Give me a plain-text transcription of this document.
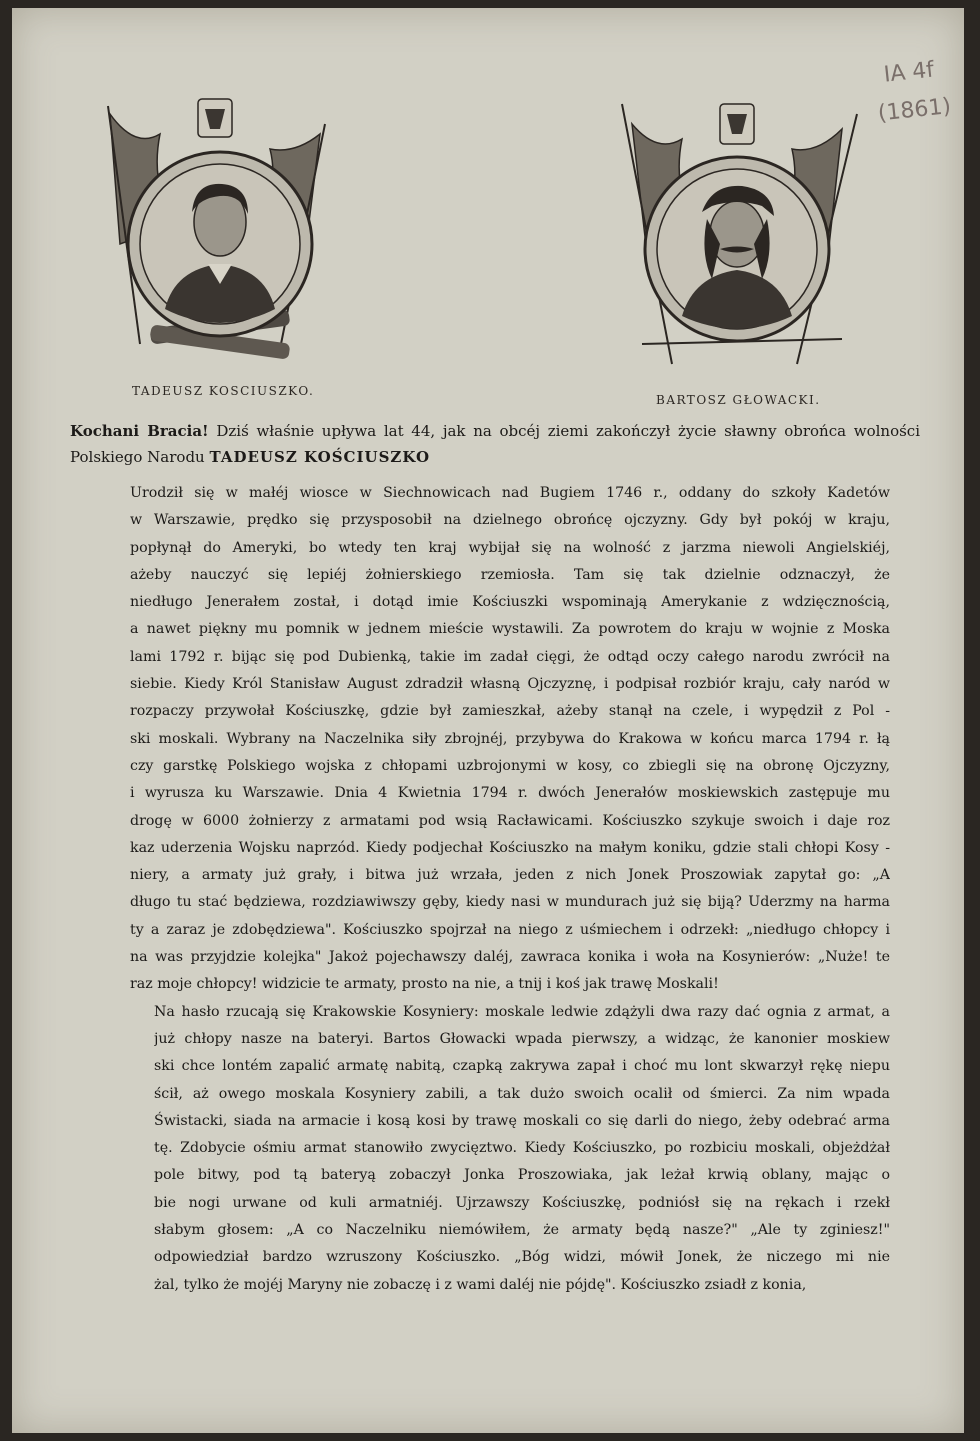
IA 4f
(1861)
TADEUSZ KOSCIUSZKO.
BARTOSZ GŁOWACKI.
Kochani Bracia! Dziś właśnie upływa lat 44, jak na obcéj ziemi zakończył życie sławny obrońca wolności Polskiego Narodu TADEUSZ KOŚCIUSZKO

Urodził się w małéj wiosce w Siechnowicach nad Bugiem 1746 r., oddany do szkoły Kadetów
w Warszawie, prędko się przysposobił na dzielnego obrońcę ojczyzny. Gdy był pokój w kraju,
popłynął do Ameryki, bo wtedy ten kraj wybijał się na wolność z jarzma niewoli Angielskiéj,
ażeby nauczyć się lepiéj żołnierskiego rzemiosła. Tam się tak dzielnie odznaczył, że
niedługo Jenerałem został, i dotąd imie Kościuszki wspominają Amerykanie z wdzięcznością,
a nawet piękny mu pomnik w jednem mieście wystawili. Za powrotem do kraju w wojnie z Moska
lami 1792 r. bijąc się pod Dubienką, takie im zadał cięgi, że odtąd oczy całego narodu zwrócił na
siebie. Kiedy Król Stanisław August zdradził własną Ojczyznę, i podpisał rozbiór kraju, cały naród w
rozpaczy przywołał Kościuszkę, gdzie był zamieszkał, ażeby stanął na czele, i wypędził z Pol -
ski moskali. Wybrany na Naczelnika siły zbrojnéj, przybywa do Krakowa w końcu marca 1794 r. łą
czy garstkę Polskiego wojska z chłopami uzbrojonymi w kosy, co zbiegli się na obronę Ojczyzny,
i wyrusza ku Warszawie. Dnia 4 Kwietnia 1794 r. dwóch Jenerałów moskiewskich zastępuje mu
drogę w 6000 żołnierzy z armatami pod wsią Racławicami. Kościuszko szykuje swoich i daje roz
kaz uderzenia Wojsku naprzód. Kiedy podjechał Kościuszko na małym koniku, gdzie stali chłopi Kosy -
niery, a armaty już grały, i bitwa już wrzała, jeden z nich Jonek Proszowiak zapytał go: „A
długo tu stać będziewa, rozdziawiwszy gęby, kiedy nasi w mundurach już się biją? Uderzmy na harma
ty a zaraz je zdobędziewa". Kościuszko spojrzał na niego z uśmiechem i odrzekł: „niedługo chłopcy i
na was przyjdzie kolejka" Jakoż pojechawszy daléj, zawraca konika i woła na Kosynierów: „Nuże! te
raz moje chłopcy! widzicie te armaty, prosto na nie, a tnij i koś jak trawę Moskali!

Na hasło rzucają się Krakowskie Kosyniery: moskale ledwie zdążyli dwa razy dać ognia z armat, a
już chłopy nasze na bateryi. Bartos Głowacki wpada pierwszy, a widząc, że kanonier moskiew
ski chce lontém zapalić armatę nabitą, czapką zakrywa zapał i choć mu lont skwarzył rękę niepu
ścił, aż owego moskala Kosyniery zabili, a tak dużo swoich ocalił od śmierci. Za nim wpada
Świstacki, siada na armacie i kosą kosi by trawę moskali co się darli do niego, żeby odebrać arma
tę. Zdobycie ośmiu armat stanowiło zwycięztwo. Kiedy Kościuszko, po rozbiciu moskali, objeżdżał
pole bitwy, pod tą bateryą zobaczył Jonka Proszowiaka, jak leżał krwią oblany, mając o
bie nogi urwane od kuli armatniéj. Ujrzawszy Kościuszkę, podniósł się na rękach i rzekł
słabym głosem: „A co Naczelniku niemówiłem, że armaty będą nasze?" „Ale ty zginiesz!"
odpowiedział bardzo wzruszony Kościuszko. „Bóg widzi, mówił Jonek, że niczego mi nie
żal, tylko że mojéj Maryny nie zobaczę i z wami daléj nie pójdę". Kościuszko zsiadł z konia,
